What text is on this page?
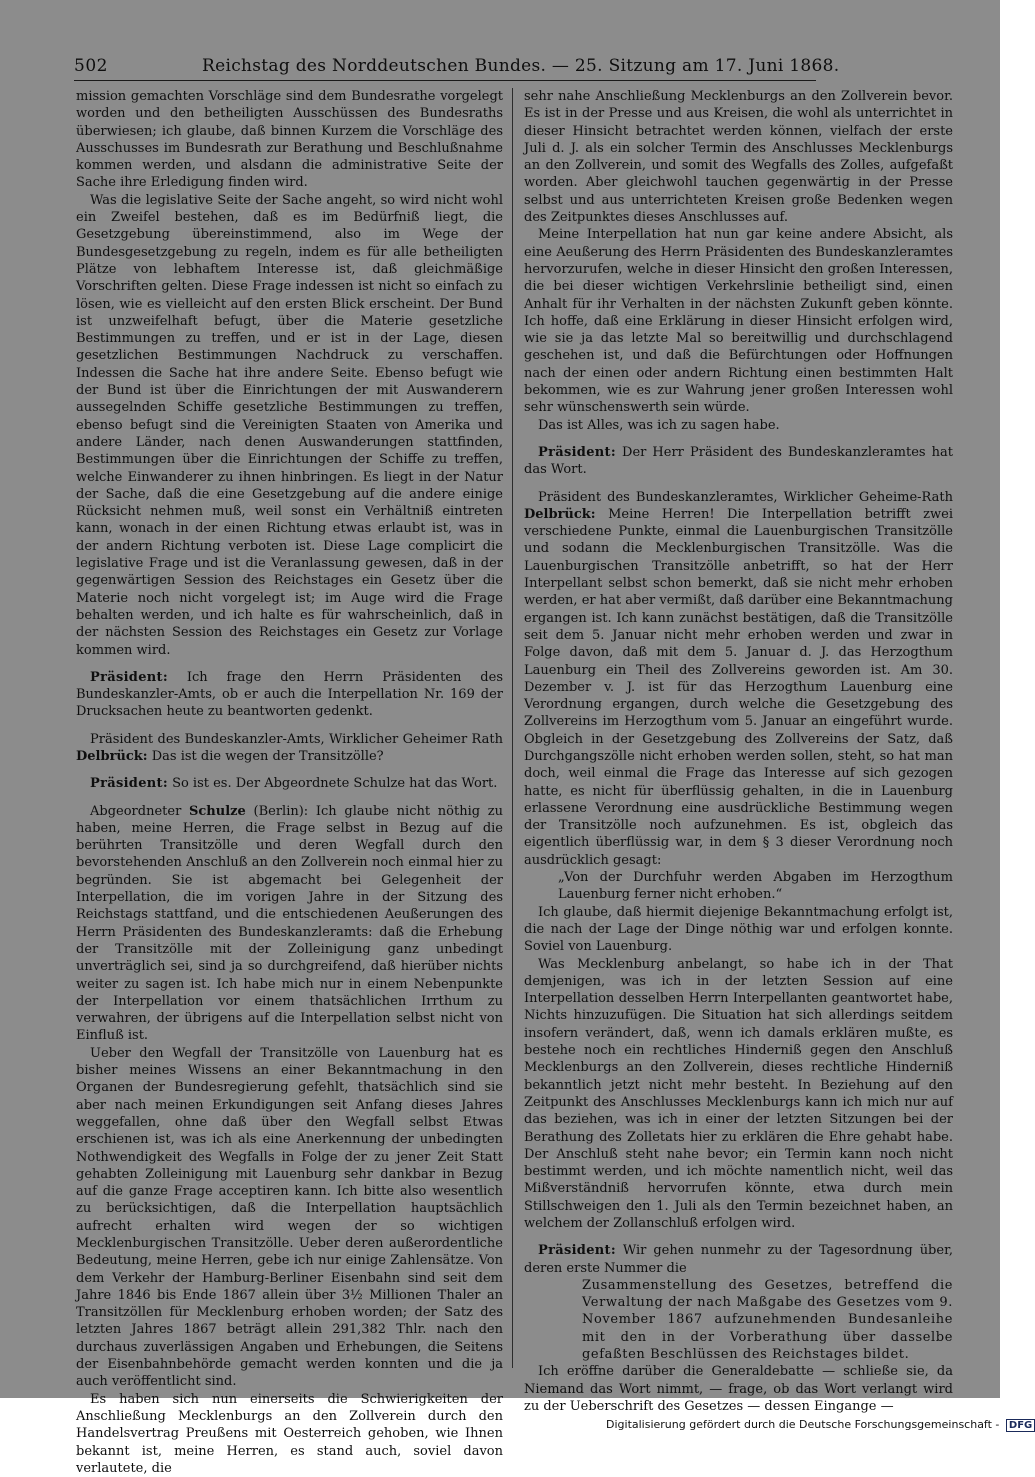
502	Reichstag des Norddeutschen Bundes. — 25. Sitzung am 17. Juni 1868.

mission gemachten Vorschläge sind dem Bundesrathe vorgelegt worden und den betheiligten Ausschüssen des Bundesraths überwiesen; ich glaube, daß binnen Kurzem die Vorschläge des Ausschusses im Bundesrath zur Berathung und Beschlußnahme kommen werden, und alsdann die administrative Seite der Sache ihre Erledigung finden wird.

Was die legislative Seite der Sache angeht, so wird nicht wohl ein Zweifel bestehen, daß es im Bedürfniß liegt, die Gesetzgebung übereinstimmend, also im Wege der Bundesgesetzgebung zu regeln, indem es für alle betheiligten Plätze von lebhaftem Interesse ist, daß gleichmäßige Vorschriften gelten. Diese Frage indessen ist nicht so einfach zu lösen, wie es vielleicht auf den ersten Blick erscheint. Der Bund ist unzweifelhaft befugt, über die Materie gesetzliche Bestimmungen zu treffen, und er ist in der Lage, diesen gesetzlichen Bestimmungen Nachdruck zu verschaffen. Indessen die Sache hat ihre andere Seite. Ebenso befugt wie der Bund ist über die Einrichtungen der mit Auswanderern aussegelnden Schiffe gesetzliche Bestimmungen zu treffen, ebenso befugt sind die Vereinigten Staaten von Amerika und andere Länder, nach denen Auswanderungen stattfinden, Bestimmungen über die Einrichtungen der Schiffe zu treffen, welche Einwanderer zu ihnen hinbringen. Es liegt in der Natur der Sache, daß die eine Gesetzgebung auf die andere einige Rücksicht nehmen muß, weil sonst ein Verhältniß eintreten kann, wonach in der einen Richtung etwas erlaubt ist, was in der andern Richtung verboten ist. Diese Lage complicirt die legislative Frage und ist die Veranlassung gewesen, daß in der gegenwärtigen Session des Reichstages ein Gesetz über die Materie noch nicht vorgelegt ist; im Auge wird die Frage behalten werden, und ich halte es für wahrscheinlich, daß in der nächsten Session des Reichstages ein Gesetz zur Vorlage kommen wird.

Präsident: Ich frage den Herrn Präsidenten des Bundeskanzler-Amts, ob er auch die Interpellation Nr. 169 der Drucksachen heute zu beantworten gedenkt.

Präsident des Bundeskanzler-Amts, Wirklicher Geheimer Rath Delbrück: Das ist die wegen der Transitzölle?

Präsident: So ist es. Der Abgeordnete Schulze hat das Wort.

Abgeordneter Schulze (Berlin): Ich glaube nicht nöthig zu haben, meine Herren, die Frage selbst in Bezug auf die berührten Transitzölle und deren Wegfall durch den bevorstehenden Anschluß an den Zollverein noch einmal hier zu begründen. Sie ist abgemacht bei Gelegenheit der Interpellation, die im vorigen Jahre in der Sitzung des Reichstags stattfand, und die entschiedenen Aeußerungen des Herrn Präsidenten des Bundeskanzleramts: daß die Erhebung der Transitzölle mit der Zolleinigung ganz unbedingt unverträglich sei, sind ja so durchgreifend, daß hierüber nichts weiter zu sagen ist. Ich habe mich nur in einem Nebenpunkte der Interpellation vor einem thatsächlichen Irrthum zu verwahren, der übrigens auf die Interpellation selbst nicht von Einfluß ist.

Ueber den Wegfall der Transitzölle von Lauenburg hat es bisher meines Wissens an einer Bekanntmachung in den Organen der Bundesregierung gefehlt, thatsächlich sind sie aber nach meinen Erkundigungen seit Anfang dieses Jahres weggefallen, ohne daß über den Wegfall selbst Etwas erschienen ist, was ich als eine Anerkennung der unbedingten Nothwendigkeit des Wegfalls in Folge der zu jener Zeit Statt gehabten Zolleinigung mit Lauenburg sehr dankbar in Bezug auf die ganze Frage acceptiren kann. Ich bitte also wesentlich zu berücksichtigen, daß die Interpellation hauptsächlich aufrecht erhalten wird wegen der so wichtigen Mecklenburgischen Transitzölle. Ueber deren außerordentliche Bedeutung, meine Herren, gebe ich nur einige Zahlensätze. Von dem Verkehr der Hamburg-Berliner Eisenbahn sind seit dem Jahre 1846 bis Ende 1867 allein über 3½ Millionen Thaler an Transitzöllen für Mecklenburg erhoben worden; der Satz des letzten Jahres 1867 beträgt allein 291,382 Thlr. nach den durchaus zuverlässigen Angaben und Erhebungen, die Seitens der Eisenbahnbehörde gemacht werden konnten und die ja auch veröffentlicht sind.

Es haben sich nun einerseits die Schwierigkeiten der Anschließung Mecklenburgs an den Zollverein durch den Handelsvertrag Preußens mit Oesterreich gehoben, wie Ihnen bekannt ist, meine Herren, es stand auch, soviel davon verlautete, die

sehr nahe Anschließung Mecklenburgs an den Zollverein bevor. Es ist in der Presse und aus Kreisen, die wohl als unterrichtet in dieser Hinsicht betrachtet werden können, vielfach der erste Juli d. J. als ein solcher Termin des Anschlusses Mecklenburgs an den Zollverein, und somit des Wegfalls des Zolles, aufgefaßt worden. Aber gleichwohl tauchen gegenwärtig in der Presse selbst und aus unterrichteten Kreisen große Bedenken wegen des Zeitpunktes dieses Anschlusses auf.

Meine Interpellation hat nun gar keine andere Absicht, als eine Aeußerung des Herrn Präsidenten des Bundeskanzleramtes hervorzurufen, welche in dieser Hinsicht den großen Interessen, die bei dieser wichtigen Verkehrslinie betheiligt sind, einen Anhalt für ihr Verhalten in der nächsten Zukunft geben könnte. Ich hoffe, daß eine Erklärung in dieser Hinsicht erfolgen wird, wie sie ja das letzte Mal so bereitwillig und durchschlagend geschehen ist, und daß die Befürchtungen oder Hoffnungen nach der einen oder andern Richtung einen bestimmten Halt bekommen, wie es zur Wahrung jener großen Interessen wohl sehr wünschenswerth sein würde.

Das ist Alles, was ich zu sagen habe.

Präsident: Der Herr Präsident des Bundeskanzleramtes hat das Wort.

Präsident des Bundeskanzleramtes, Wirklicher Geheime-Rath Delbrück: Meine Herren! Die Interpellation betrifft zwei verschiedene Punkte, einmal die Lauenburgischen Transitzölle und sodann die Mecklenburgischen Transitzölle. Was die Lauenburgischen Transitzölle anbetrifft, so hat der Herr Interpellant selbst schon bemerkt, daß sie nicht mehr erhoben werden, er hat aber vermißt, daß darüber eine Bekanntmachung ergangen ist. Ich kann zunächst bestätigen, daß die Transitzölle seit dem 5. Januar nicht mehr erhoben werden und zwar in Folge davon, daß mit dem 5. Januar d. J. das Herzogthum Lauenburg ein Theil des Zollvereins geworden ist. Am 30. Dezember v. J. ist für das Herzogthum Lauenburg eine Verordnung ergangen, durch welche die Gesetzgebung des Zollvereins im Herzogthum vom 5. Januar an eingeführt wurde. Obgleich in der Gesetzgebung des Zollvereins der Satz, daß Durchgangszölle nicht erhoben werden sollen, steht, so hat man doch, weil einmal die Frage das Interesse auf sich gezogen hatte, es nicht für überflüssig gehalten, in die in Lauenburg erlassene Verordnung eine ausdrückliche Bestimmung wegen der Transitzölle noch aufzunehmen. Es ist, obgleich das eigentlich überflüssig war, in dem § 3 dieser Verordnung noch ausdrücklich gesagt:

„Von der Durchfuhr werden Abgaben im Herzogthum Lauenburg ferner nicht erhoben.“

Ich glaube, daß hiermit diejenige Bekanntmachung erfolgt ist, die nach der Lage der Dinge nöthig war und erfolgen konnte. Soviel von Lauenburg.

Was Mecklenburg anbelangt, so habe ich in der That demjenigen, was ich in der letzten Session auf eine Interpellation desselben Herrn Interpellanten geantwortet habe, Nichts hinzuzufügen. Die Situation hat sich allerdings seitdem insofern verändert, daß, wenn ich damals erklären mußte, es bestehe noch ein rechtliches Hinderniß gegen den Anschluß Mecklenburgs an den Zollverein, dieses rechtliche Hinderniß bekanntlich jetzt nicht mehr besteht. In Beziehung auf den Zeitpunkt des Anschlusses Mecklenburgs kann ich mich nur auf das beziehen, was ich in einer der letzten Sitzungen bei der Berathung des Zolletats hier zu erklären die Ehre gehabt habe. Der Anschluß steht nahe bevor; ein Termin kann noch nicht bestimmt werden, und ich möchte namentlich nicht, weil das Mißverständniß hervorrufen könnte, etwa durch mein Stillschweigen den 1. Juli als den Termin bezeichnet haben, an welchem der Zollanschluß erfolgen wird.

Präsident: Wir gehen nunmehr zu der Tagesordnung über, deren erste Nummer die

Zusammenstellung des Gesetzes, betreffend die Verwaltung der nach Maßgabe des Gesetzes vom 9. November 1867 aufzunehmenden Bundesanleihe mit den in der Vorberathung über dasselbe gefaßten Beschlüssen des Reichstages bildet.

Ich eröffne darüber die Generaldebatte — schließe sie, da Niemand das Wort nimmt, — frage, ob das Wort verlangt wird zu der Ueberschrift des Gesetzes — dessen Eingange —

Digitalisierung gefördert durch die Deutsche Forschungsgemeinschaft - DFG
